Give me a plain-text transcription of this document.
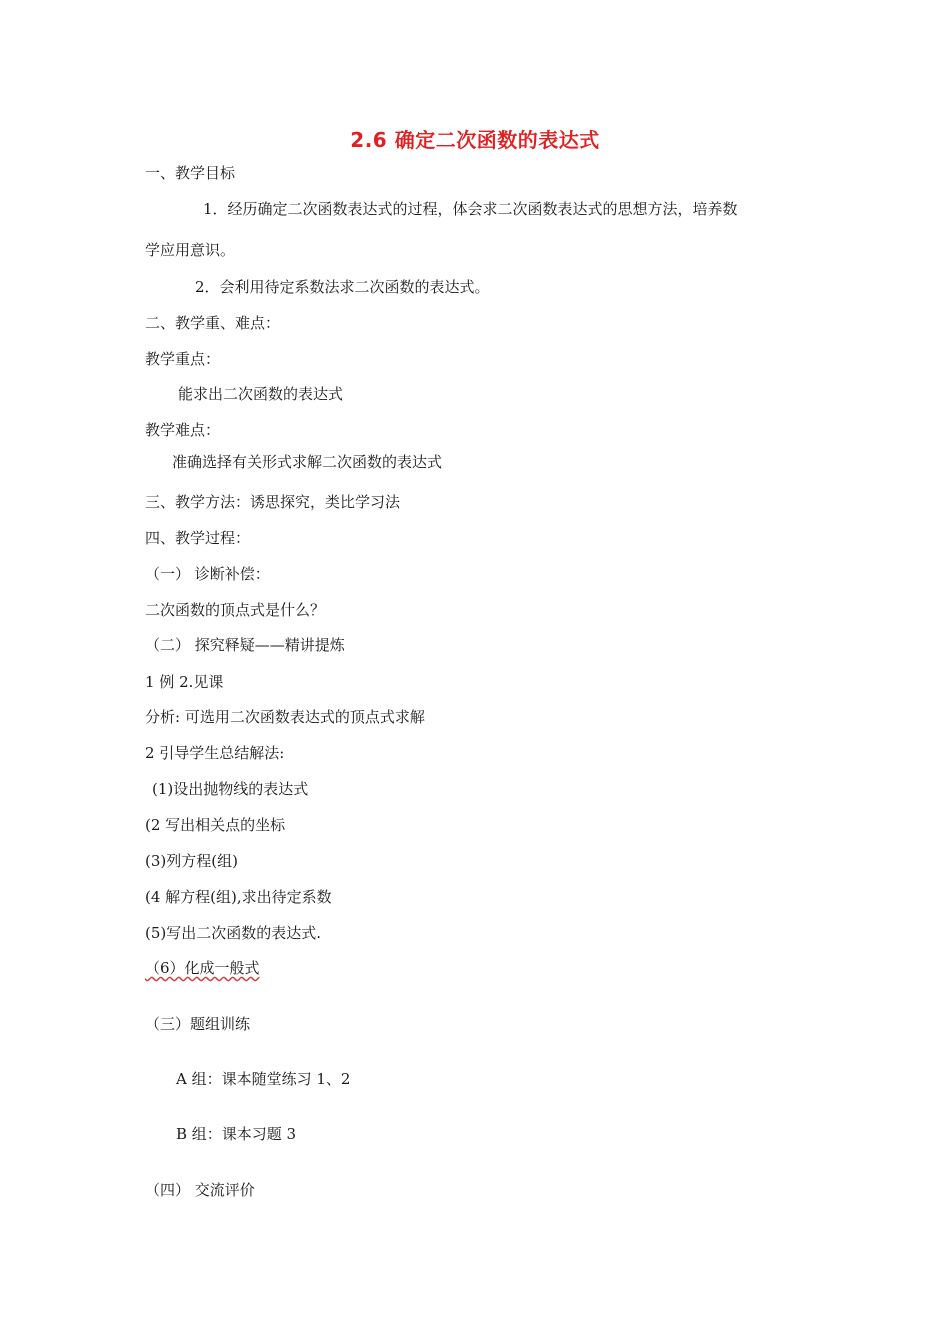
2.6 确定二次函数的表达式
一、教学目标
1．经历确定二次函数表达式的过程，体会求二次函数表达式的思想方法，培养数
学应用意识。
2．会利用待定系数法求二次函数的表达式。
二、教学重、难点：
教学重点：
能求出二次函数的表达式
教学难点：
准确选择有关形式求解二次函数的表达式
三、教学方法：诱思探究，类比学习法
四、教学过程：
（一） 诊断补偿：
二次函数的顶点式是什么？
（二） 探究释疑——精讲提炼
1 例 2.见课
分析: 可选用二次函数表达式的顶点式求解
2 引导学生总结解法:
(1)设出抛物线的表达式
(2 写出相关点的坐标
(3)列方程(组)
(4 解方程(组),求出待定系数
(5)写出二次函数的表达式.
（6）化成一般式
（三）题组训练
A 组：课本随堂练习 1、2
B 组：课本习题 3
（四） 交流评价
